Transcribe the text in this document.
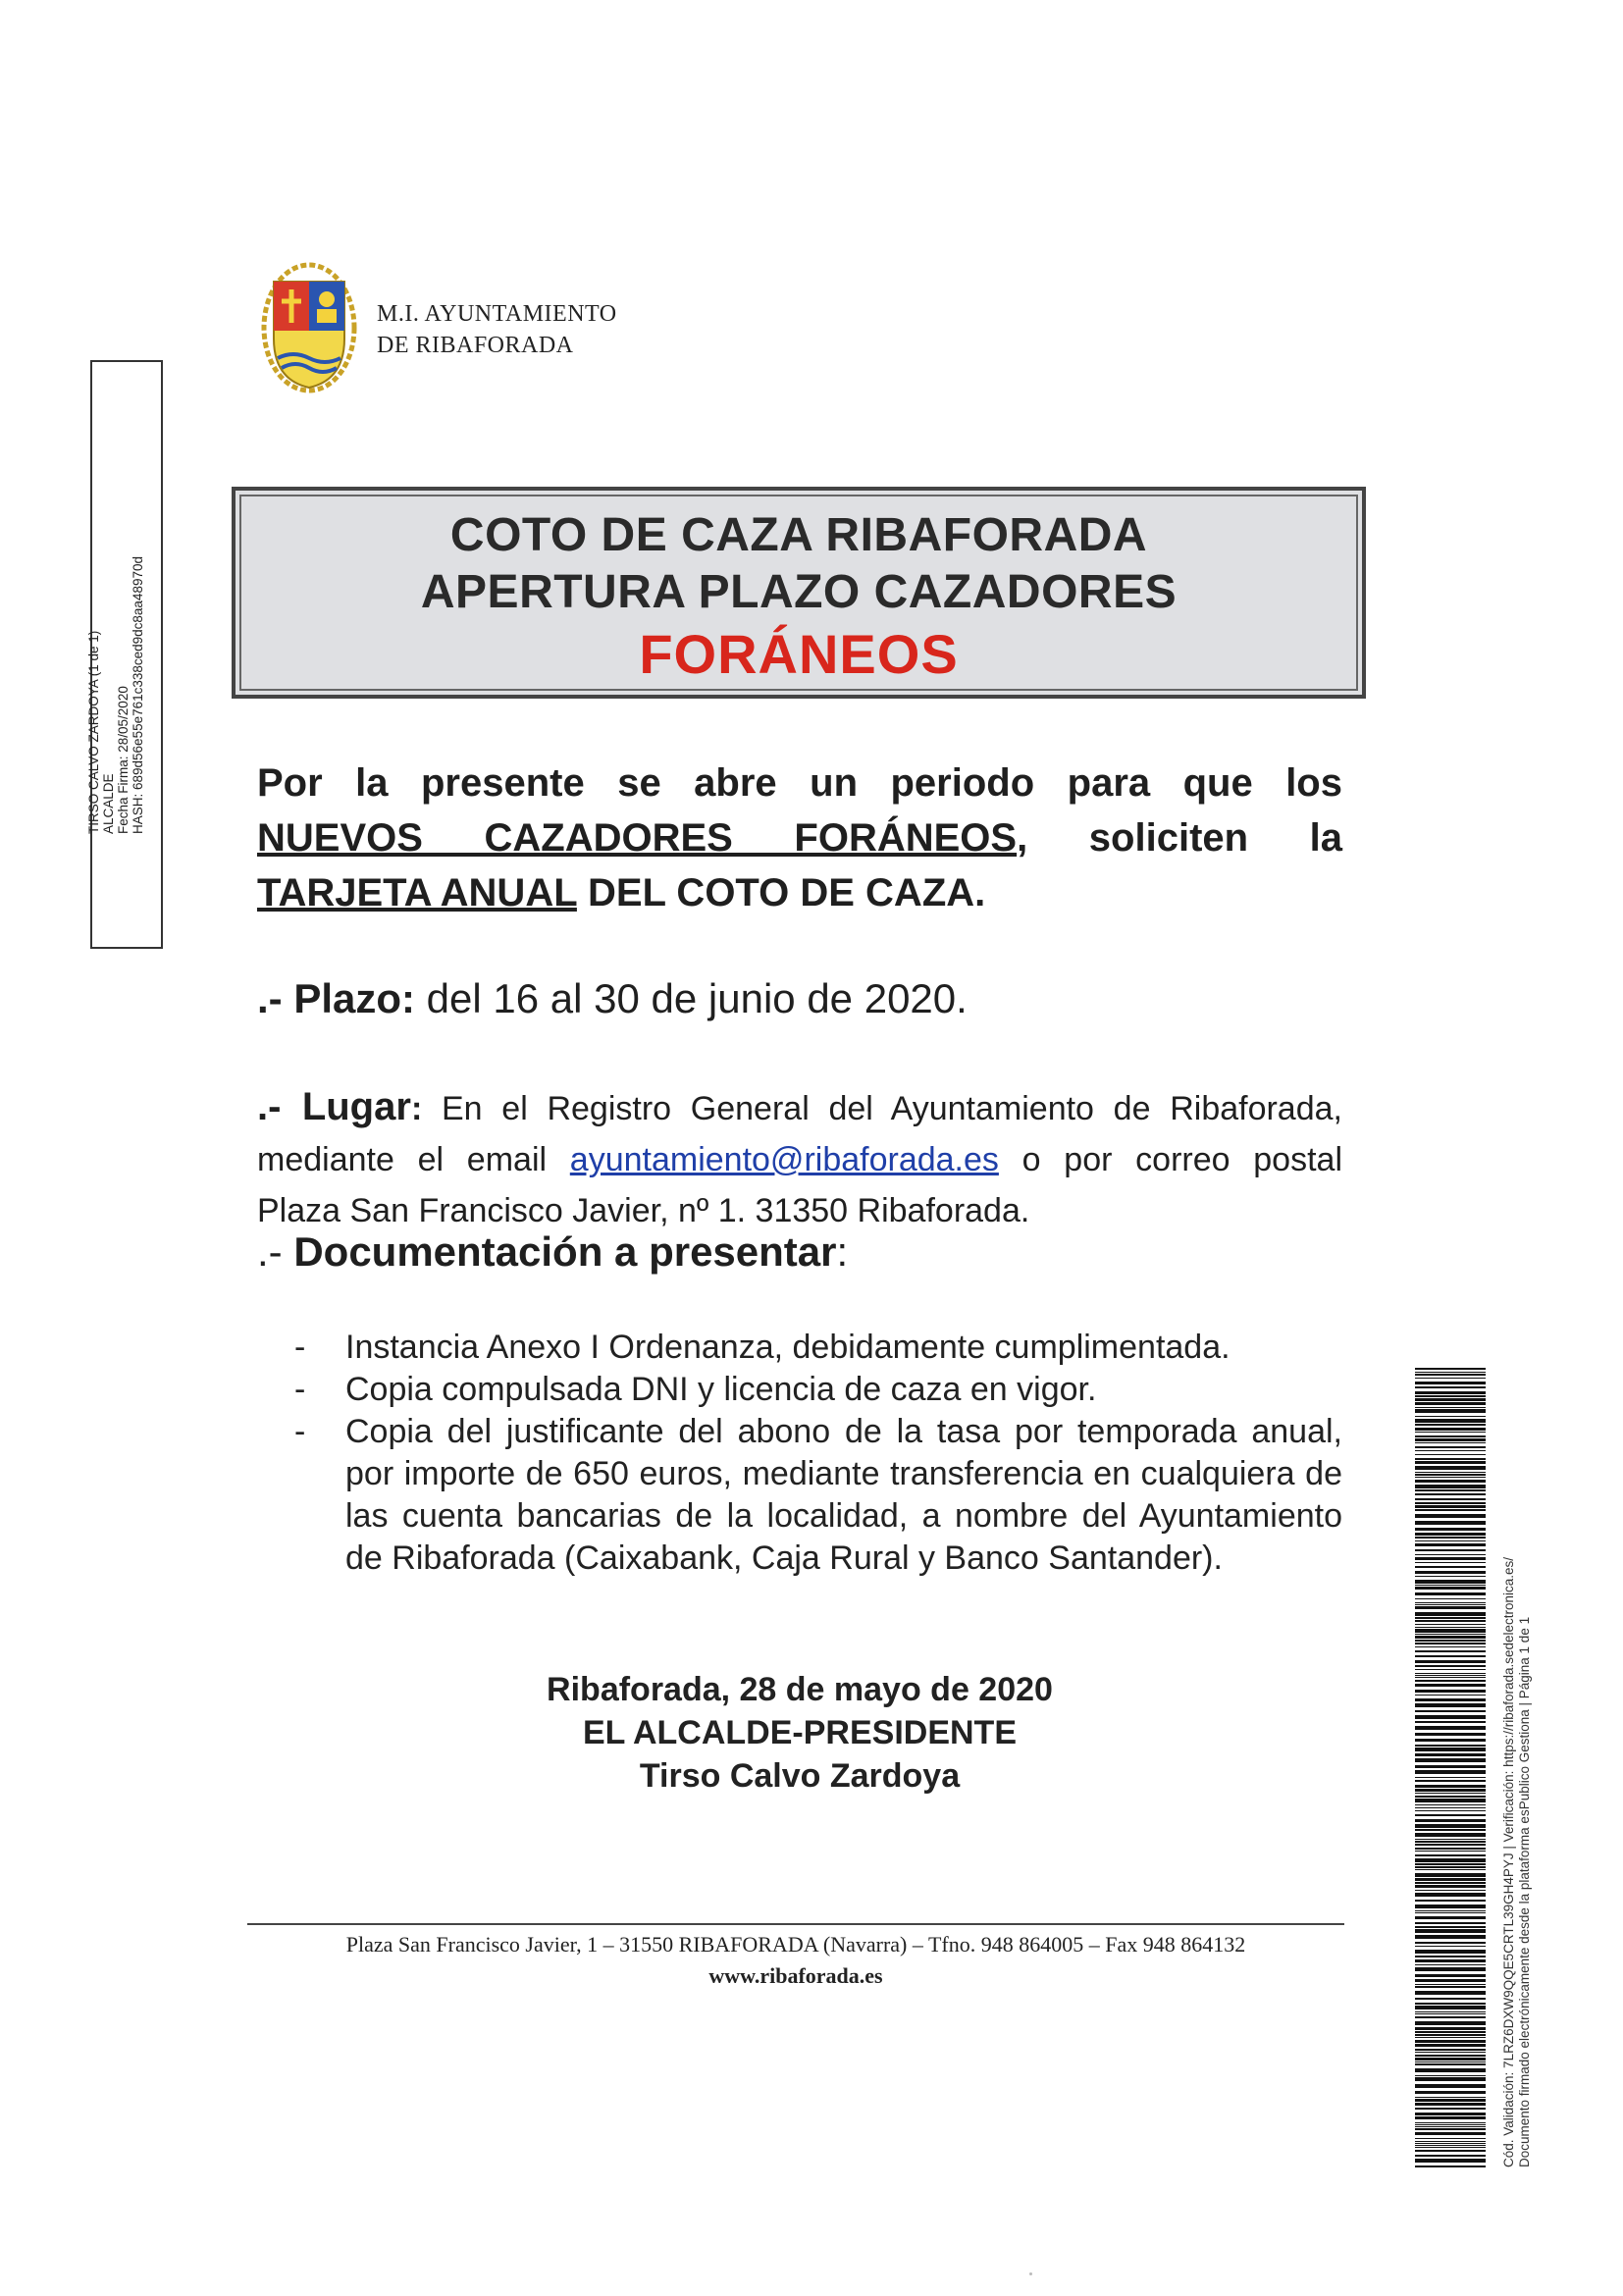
M.I. AYUNTAMIENTO
DE RIBAFORADA
TIRSO CALVO ZARDOYA (1 de 1) ALCALDE Fecha Firma: 28/05/2020 HASH: 689d56e55e761c338ced9dc8aa48970d
COTO DE CAZA RIBAFORADA
APERTURA PLAZO CAZADORES
FORÁNEOS
Por la presente se abre un periodo para que los
NUEVOS CAZADORES FORÁNEOS, soliciten la
TARJETA ANUAL DEL COTO DE CAZA.
.- Plazo: del 16 al 30 de junio de 2020.
.- Lugar: En el Registro General del Ayuntamiento de Ribaforada,
mediante el email ayuntamiento@ribaforada.es o por correo postal
Plaza San Francisco Javier, nº 1. 31350 Ribaforada.
.- Documentación a presentar:
- Instancia Anexo I Ordenanza, debidamente cumplimentada.
- Copia compulsada DNI y licencia de caza en vigor.
- Copia del justificante del abono de la tasa por temporada anual, por importe de 650 euros, mediante transferencia en cualquiera de las cuenta bancarias de la localidad, a nombre del Ayuntamiento de Ribaforada (Caixabank, Caja Rural y Banco Santander).
Ribaforada, 28 de mayo de 2020
EL ALCALDE-PRESIDENTE
Tirso Calvo Zardoya
Plaza San Francisco Javier, 1 – 31550 RIBAFORADA (Navarra) – Tfno. 948 864005 – Fax 948 864132
www.ribaforada.es	Cód. Validación: 7LRZ6DXW9QQE5CRTL39GH4PYJ | Verificación: https://ribaforada.sedelectronica.es/ Documento firmado electrónicamente desde la plataforma esPublico Gestiona | Página 1 de 1
